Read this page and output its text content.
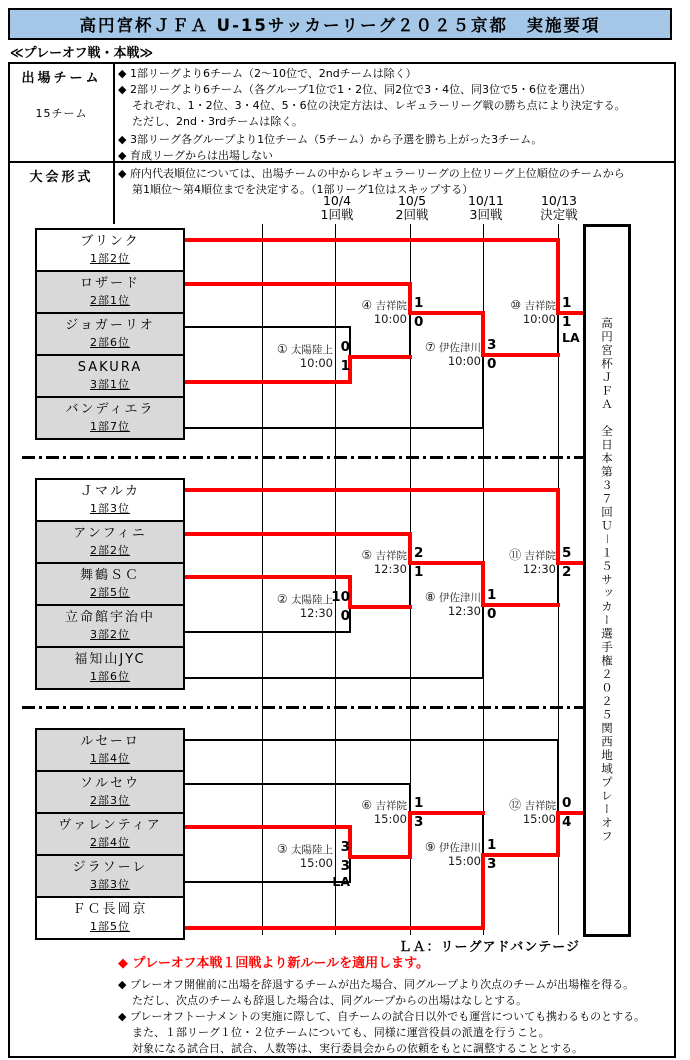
高円宮杯ＪＦＡ U-15サッカーリーグ２０２５京都　実施要項
≪プレーオフ戦・本戦≫
出場チーム
15チーム
◆ 1部リーグより6チーム（2～10位で、2ndチームは除く）
◆ 2部リーグより6チーム（各グループ1位で1・2位、同2位で3・4位、同3位で5・6位を選出）
それぞれ、1・2位、3・4位、5・6位の決定方法は、レギュラーリーグ戦の勝ち点により決定する。
ただし、2nd・3rdチームは除く。
◆ 3部リーグ各グループより1位チーム（5チーム）から予選を勝ち上がった3チーム。
◆ 育成リーグからは出場しない
大会形式	◆ 府内代表順位については、出場チームの中からレギュラーリーグの上位リーグ上位順位のチームから
第1順位～第4順位までを決定する。（1部リーグ1位はスキップする）
10/4
1回戦
10/5
2回戦
10/11
3回戦
10/13
決定戦
高円宮杯ＪＦＡ　全日本第３７回Ｕ－１５サッカー選手権２０２５関西地域プレーオフ
ＬＡ：リーグアドバンテージ
◆ プレーオフ本戦１回戦より新ルールを適用します。
◆ プレーオフ開催前に出場を辞退するチームが出た場合、同グループより次点のチームが出場権を得る。
ただし、次点のチームも辞退した場合は、同グループからの出場はなしとする。
◆ プレーオフトーナメントの実施に際して、自チームの試合日以外でも運営についても携わるものとする。
また、１部リーグ１位・２位チームについても、同様に運営役員の派遣を行うこと。
対象になる試合日、試合、人数等は、実行委員会からの依頼をもとに調整することとする。
ブリンク
1部2位
ロザード
2部1位
ジョガーリオ
2部6位
SAKURA
3部1位
バンディエラ
1部7位
① 太陽陸上
10:00
0
1
④ 吉祥院
10:00
1
0
⑦ 伊佐津川
10:00
3
0
⑩ 吉祥院
10:00
1
1
LA
Ｊマルカ
1部3位
アンフィニ
2部2位
舞鶴ＳＣ
2部5位
立命館宇治中
3部2位
福知山JYC
1部6位
② 太陽陸上
12:30
10
0
⑤ 吉祥院
12:30
2
1
⑧ 伊佐津川
12:30
1
0
⑪ 吉祥院
12:30
5
2
ルセーロ
1部4位
ソルセウ
2部3位
ヴァレンティア
2部4位
ジラソーレ
3部3位
ＦＣ長岡京
1部5位
③ 太陽陸上
15:00
3
3
LA
⑥ 吉祥院
15:00
1
3
⑨ 伊佐津川
15:00
1
3
⑫ 吉祥院
15:00
0
4
